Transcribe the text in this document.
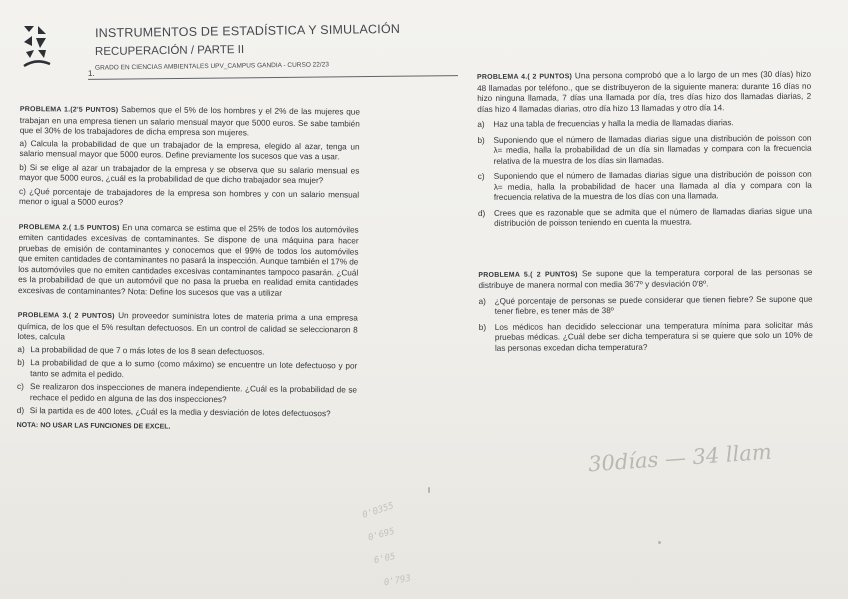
INSTRUMENTOS DE ESTADÍSTICA Y SIMULACIÓN
RECUPERACIÓN / PARTE II
GRADO EN CIENCIAS AMBIENTALES UPV_CAMPUS GANDIA - CURSO 22/23
1.

PROBLEMA 1.(2'5 PUNTOS) Sabemos que el 5% de los hombres y el 2% de las mujeres que trabajan en una empresa tienen un salario mensual mayor que 5000 euros. Se sabe también que el 30% de los trabajadores de dicha empresa son mujeres.

a) Calcula la probabilidad de que un trabajador de la empresa, elegido al azar, tenga un salario mensual mayor que 5000 euros. Define previamente los sucesos que vas a usar.
b) Si se elige al azar un trabajador de la empresa y se observa que su salario mensual es mayor que 5000 euros, ¿cuál es la probabilidad de que dicho trabajador sea mujer?
c) ¿Qué porcentaje de trabajadores de la empresa son hombres y con un salario mensual menor o igual a 5000 euros?

PROBLEMA 2.( 1.5 PUNTOS) En una comarca se estima que el 25% de todos los automóviles emiten cantidades excesivas de contaminantes. Se dispone de una máquina para hacer pruebas de emisión de contaminantes y conocemos que el 99% de todos los automóviles que emiten cantidades de contaminantes no pasará la inspección. Aunque también el 17% de los automóviles que no emiten cantidades excesivas contaminantes tampoco pasarán. ¿Cuál es la probabilidad de que un automóvil que no pasa la prueba en realidad emita cantidades excesivas de contaminantes? Nota: Define los sucesos que vas a utilizar

PROBLEMA 3.( 2 PUNTOS) Un proveedor suministra lotes de materia prima a una empresa química, de los que el 5% resultan defectuosos. En un control de calidad se seleccionaron 8 lotes, calcula

a) La probabilidad de que 7 o más lotes de los 8 sean defectuosos.
b) La probabilidad de que a lo sumo (como máximo) se encuentre un lote defectuoso y por tanto se admita el pedido.
c) Se realizaron dos inspecciones de manera independiente. ¿Cuál es la probabilidad de se rechace el pedido en alguna de las dos inspecciones?
d) Si la partida es de 400 lotes, ¿Cuál es la media y desviación de lotes defectuosos?
NOTA: NO USAR LAS FUNCIONES DE EXCEL.

PROBLEMA 4.( 2 PUNTOS) Una persona comprobó que a lo largo de un mes (30 días) hizo 48 llamadas por teléfono., que se distribuyeron de la siguiente manera: durante 16 días no hizo ninguna llamada, 7 días una llamada por día, tres días hizo dos llamadas diarias, 2 días hizo 4 llamadas diarias, otro día hizo 13 llamadas y otro día 14.

a)	Haz una tabla de frecuencias y halla la media de llamadas diarias.
b)	Suponiendo que el número de llamadas diarias sigue una distribución de poisson con λ= media, halla la probabilidad de un día sin llamadas y compara con la frecuencia relativa de la muestra de los días sin llamadas.
c)	Suponiendo que el número de llamadas diarias sigue una distribución de poisson con λ= media, halla la probabilidad de hacer una llamada al día y compara con la frecuencia relativa de la muestra de los días con una llamada.
d)	Crees que es razonable que se admita que el número de llamadas diarias sigue una distribución de poisson teniendo en cuenta la muestra.

PROBLEMA 5.( 2 PUNTOS) Se supone que la temperatura corporal de las personas se distribuye de manera normal con media 36'7º y desviación 0'8º.

a)	¿Qué porcentaje de personas se puede considerar que tienen fiebre? Se supone que tener fiebre, es tener más de 38º
b)	Los médicos han decidido seleccionar una temperatura mínima para solicitar más pruebas médicas. ¿Cuál debe ser dicha temperatura si se quiere que solo un 10% de las personas excedan dicha temperatura?
30días — 34 llam
0'0355
0'695
6'05
0'793
